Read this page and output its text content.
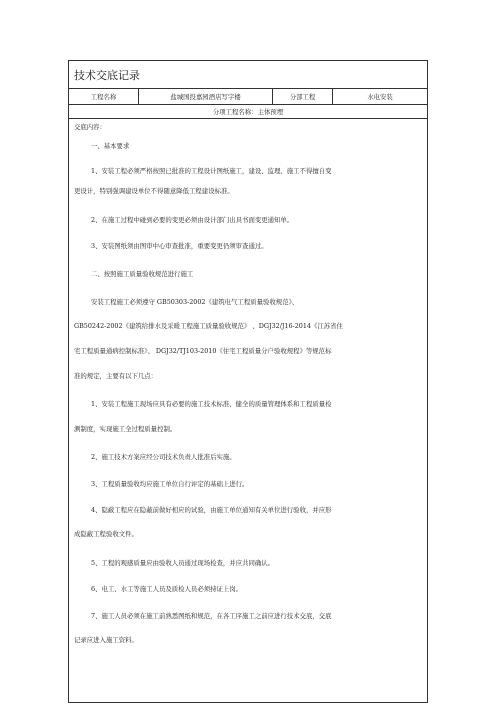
技术交底记录
工程名称	盐城国投嘉园酒店写字楼	分部工程	水电安装
分项工程名称：主体预埋
交底内容：
一、基本要求
1、安装工程必须严格按照已批准的工程设计图纸施工，建设、监理、施工不得擅自变
更设计，特别强调建设单位不得随意降低工程建设标准。
2、在施工过程中碰到必要的变更必须由设计部门出具书面变更通知单。
3、安装图纸须由图审中心审查批准，重要变更仍须审查通过。
二、按照施工质量验收规范进行施工
安装工程施工必须遵守 GB50303-2002《建筑电气工程质量验收规范》、
GB50242-2002《建筑给排水及采暖工程施工质量验收规范》 、DGJ32/J16-2014《江苏省住
宅工程质量通病控制标准》、 DGJ32/TJ103-2010《住宅工程质量分户验收规程》等规范标
准的规定，主要有以下几点：
1、安装工程施工现场应具有必要的施工技术标准、健全的质量管理体系和工程质量检
测制度，实现施工全过程质量控制。
2、施工技术方案应经公司技术负责人批准后实施。
3、工程质量验收均应施工单位自行评定的基础上进行。
4、隐蔽工程应在隐蔽前做好相应的试验，由施工单位通知有关单位进行验收，并应形
成隐蔽工程验收文件。
5、工程的观感质量应由验收人员通过现场检查，并应共同确认。
6、电工、水工等施工人员及质检人员必须持证上岗。
7、施工人员必须在施工前熟悉图纸和规范，在各工序施工之前应进行技术交底，交底
记录应进入施工资料。
